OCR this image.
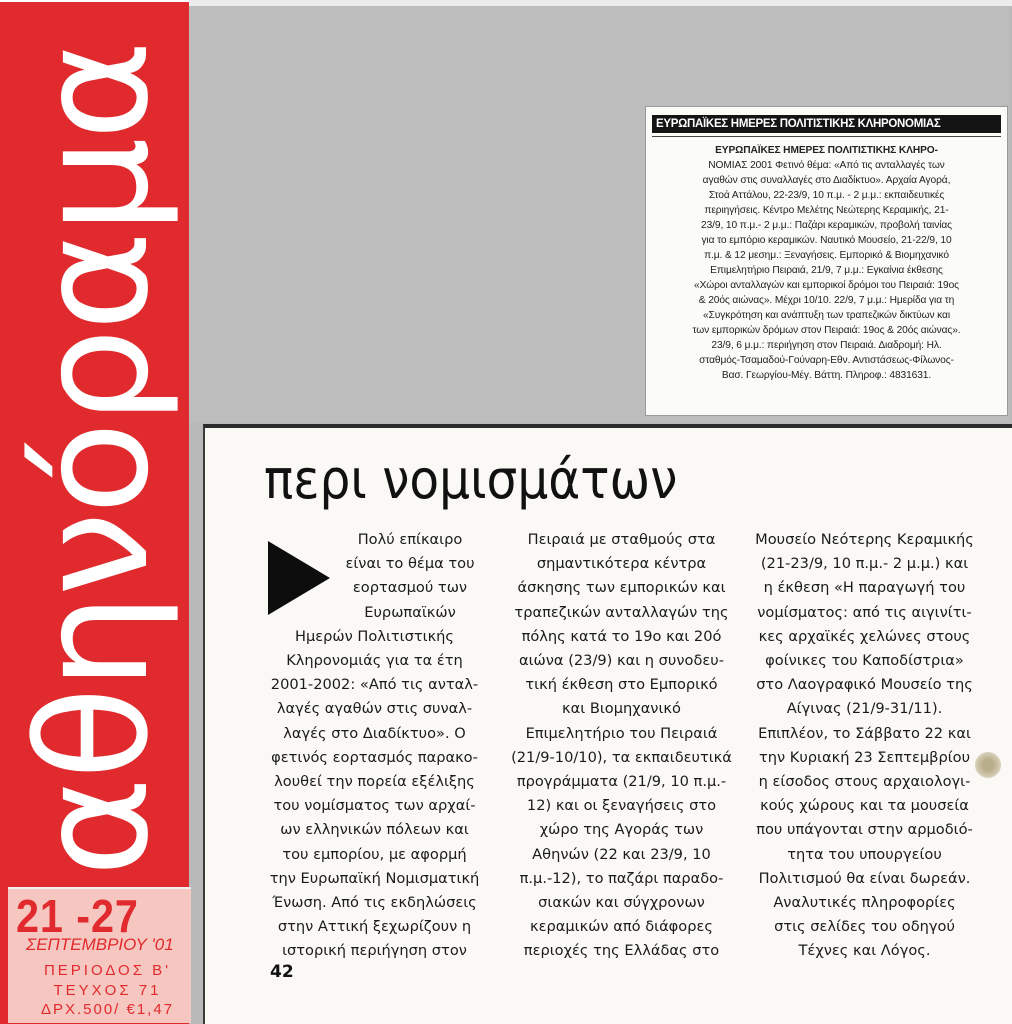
αθηνόραμα
21 -27
ΣΕΠΤΕΜΒΡΙΟΥ '01
ΠΕΡΙΟΔΟΣ Β'
ΤΕΥΧΟΣ 71
ΔΡΧ.500/ €1,47
ΕΥΡΩΠΑΪΚΕΣ ΗΜΕΡΕΣ ΠΟΛΙΤΙΣΤΙΚΗΣ ΚΛΗΡΟΝΟΜΙΑΣ
ΕΥΡΩΠΑΪΚΕΣ ΗΜΕΡΕΣ ΠΟΛΙΤΙΣΤΙΚΗΣ ΚΛΗΡΟ-
ΝΟΜΙΑΣ 2001 Φετινό θέμα: «Από τις ανταλλαγές των
αγαθών στις συναλλαγές στο Διαδίκτυο». Αρχαία Αγορά,
Στοά Αττάλου, 22-23/9, 10 π.μ. - 2 μ.μ.: εκπαιδευτικές
περιηγήσεις. Κέντρο Μελέτης Νεώτερης Κεραμικής, 21-
23/9, 10 π.μ.- 2 μ.μ.: Παζάρι κεραμικών, προβολή ταινίας
για το εμπόριο κεραμικών. Ναυτικό Μουσείο, 21-22/9, 10
π.μ. & 12 μεσημ.: Ξεναγήσεις. Εμπορικό & Βιομηχανικό
Επιμελητήριο Πειραιά, 21/9, 7 μ.μ.: Εγκαίνια έκθεσης
«Χώροι ανταλλαγών και εμπορικοί δρόμοι του Πειραιά: 19ος
& 20ός αιώνας». Μέχρι 10/10. 22/9, 7 μ.μ.: Ημερίδα για τη
«Συγκρότηση και ανάπτυξη των τραπεζικών δικτύων και
των εμπορικών δρόμων στον Πειραιά: 19ος & 20ός αιώνας».
23/9, 6 μ.μ.: περιήγηση στον Πειραιά. Διαδρομή: Ηλ.
σταθμός-Τσαμαδού-Γούναρη-Εθν. Αντιστάσεως-Φίλωνος-
Βασ. Γεωργίου-Μέγ. Βάττη. Πληροφ.: 4831631.
περι νομισμάτων
Πολύ επίκαιρο
είναι το θέμα του
εορτασμού των
Ευρωπαϊκών
Ημερών Πολιτιστικής
Κληρονομιάς για τα έτη
2001-2002: «Από τις ανταλ-
λαγές αγαθών στις συναλ-
λαγές στο Διαδίκτυο». Ο
φετινός εορτασμός παρακο-
λουθεί την πορεία εξέλιξης
του νομίσματος των αρχαί-
ων ελληνικών πόλεων και
του εμπορίου, με αφορμή
την Ευρωπαϊκή Νομισματική
Ένωση. Από τις εκδηλώσεις
στην Αττική ξεχωρίζουν η
ιστορική περιήγηση στον
Πειραιά με σταθμούς στα
σημαντικότερα κέντρα
άσκησης των εμπορικών και
τραπεζικών ανταλλαγών της
πόλης κατά το 19ο και 20ό
αιώνα (23/9) και η συνοδευ-
τική έκθεση στο Εμπορικό
και Βιομηχανικό
Επιμελητήριο του Πειραιά
(21/9-10/10), τα εκπαιδευτικά
προγράμματα (21/9, 10 π.μ.-
12) και οι ξεναγήσεις στο
χώρο της Αγοράς των
Αθηνών (22 και 23/9, 10
π.μ.-12), το παζάρι παραδο-
σιακών και σύγχρονων
κεραμικών από διάφορες
περιοχές της Ελλάδας στο
Μουσείο Νεότερης Κεραμικής
(21-23/9, 10 π.μ.- 2 μ.μ.) και
η έκθεση «Η παραγωγή του
νομίσματος: από τις αιγινίτι-
κες αρχαϊκές χελώνες στους
φοίνικες του Καποδίστρια»
στο Λαογραφικό Μουσείο της
Αίγινας (21/9-31/11).
Επιπλέον, το Σάββατο 22 και
την Κυριακή 23 Σεπτεμβρίου
η είσοδος στους αρχαιολογι-
κούς χώρους και τα μουσεία
που υπάγονται στην αρμοδιό-
τητα του υπουργείου
Πολιτισμού θα είναι δωρεάν.
Αναλυτικές πληροφορίες
στις σελίδες του οδηγού
Τέχνες και Λόγος.
42
